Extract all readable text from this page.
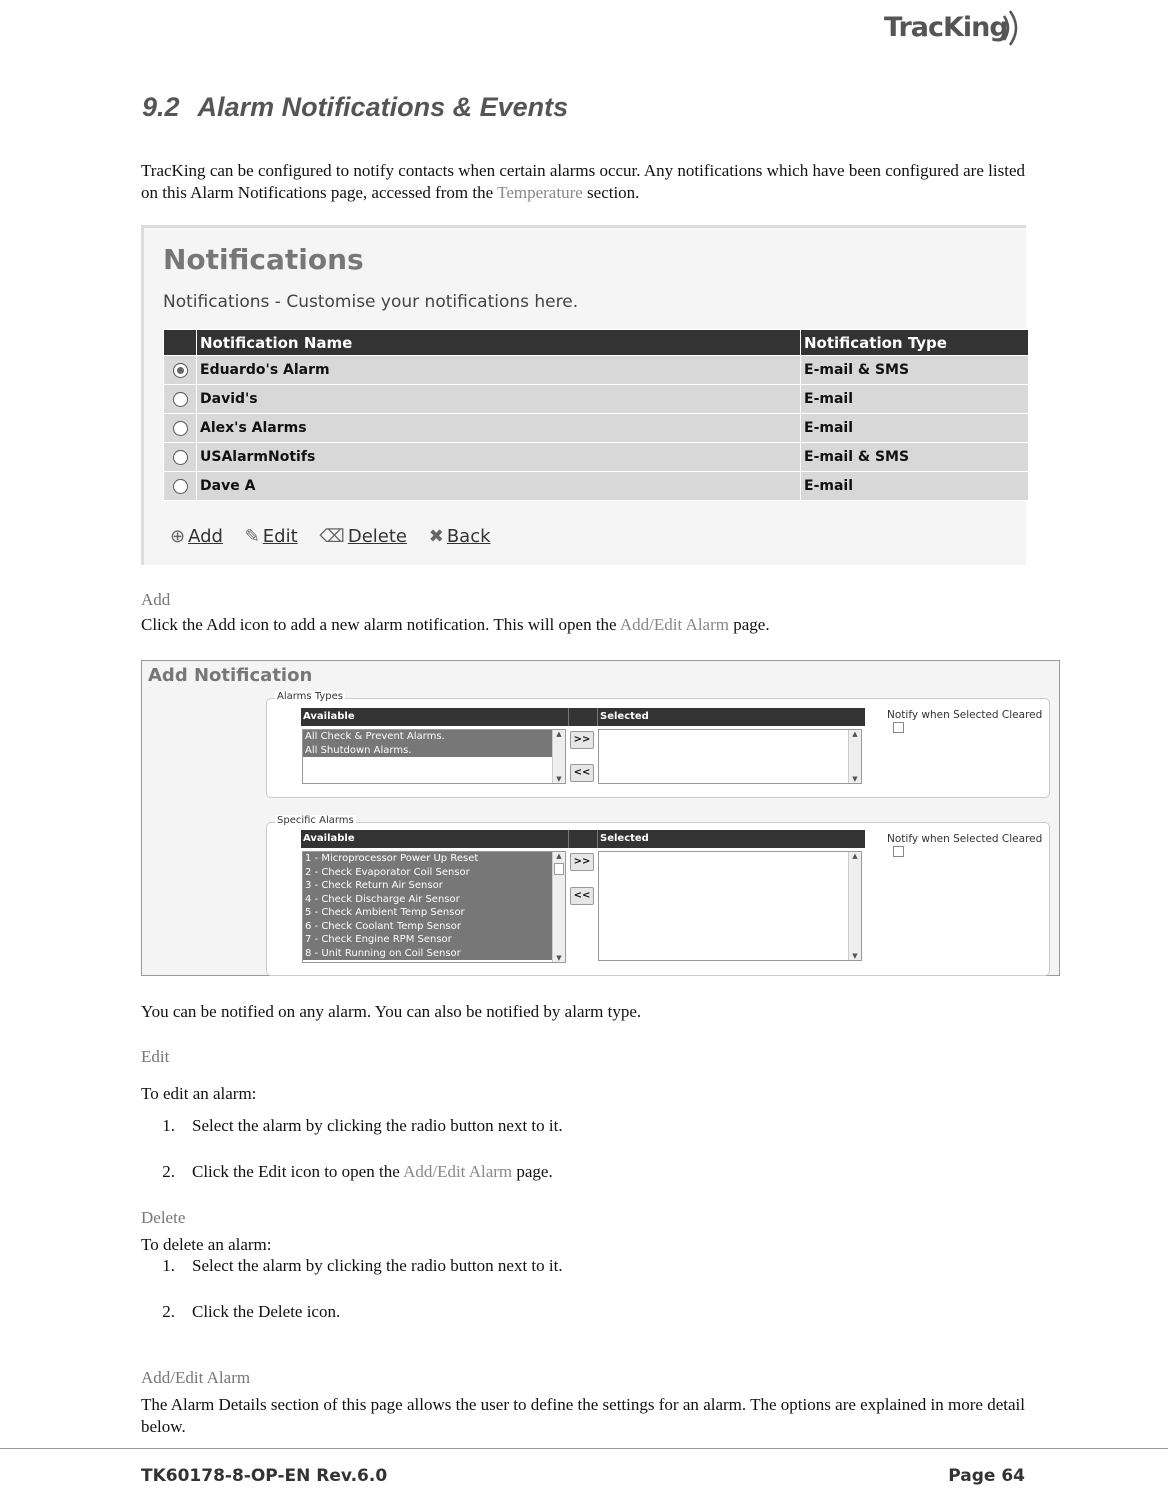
TracKing
9.2 Alarm Notifications & Events
TracKing can be configured to notify contacts when certain alarms occur. Any notifications which have been configured are listed on this Alarm Notifications page, accessed from the Temperature section.
Notifications
Notifications - Customise your notifications here.
	Notification Name	Notification Type
	Eduardo's Alarm	E-mail & SMS
	David's	E-mail
	Alex's Alarms	E-mail
	USAlarmNotifs	E-mail & SMS
	Dave A	E-mail
⊕ Add ✎ Edit ⌫ Delete ✖ Back
Add
Click the Add icon to add a new alarm notification. This will open the Add/Edit Alarm page.
Add Notification
Alarms Types
Available	Selected
All Check & Prevent Alarms.
All Shutdown Alarms.
▲
▼
>>
<<
▲
▼
Notify when Selected Cleared
Specific Alarms
Available	Selected
1 - Microprocessor Power Up Reset
2 - Check Evaporator Coil Sensor
3 - Check Return Air Sensor
4 - Check Discharge Air Sensor
5 - Check Ambient Temp Sensor
6 - Check Coolant Temp Sensor
7 - Check Engine RPM Sensor
8 - Unit Running on Coil Sensor
▲
▼
>>
<<
▲
▼
Notify when Selected Cleared
You can be notified on any alarm. You can also be notified by alarm type.
Edit
To edit an alarm:
1. Select the alarm by clicking the radio button next to it.
2. Click the Edit icon to open the Add/Edit Alarm page.
Delete
To delete an alarm:
1. Select the alarm by clicking the radio button next to it.
2. Click the Delete icon.
Add/Edit Alarm
The Alarm Details section of this page allows the user to define the settings for an alarm. The options are explained in more detail below.
TK60178-8-OP-EN Rev.6.0	Page 64
